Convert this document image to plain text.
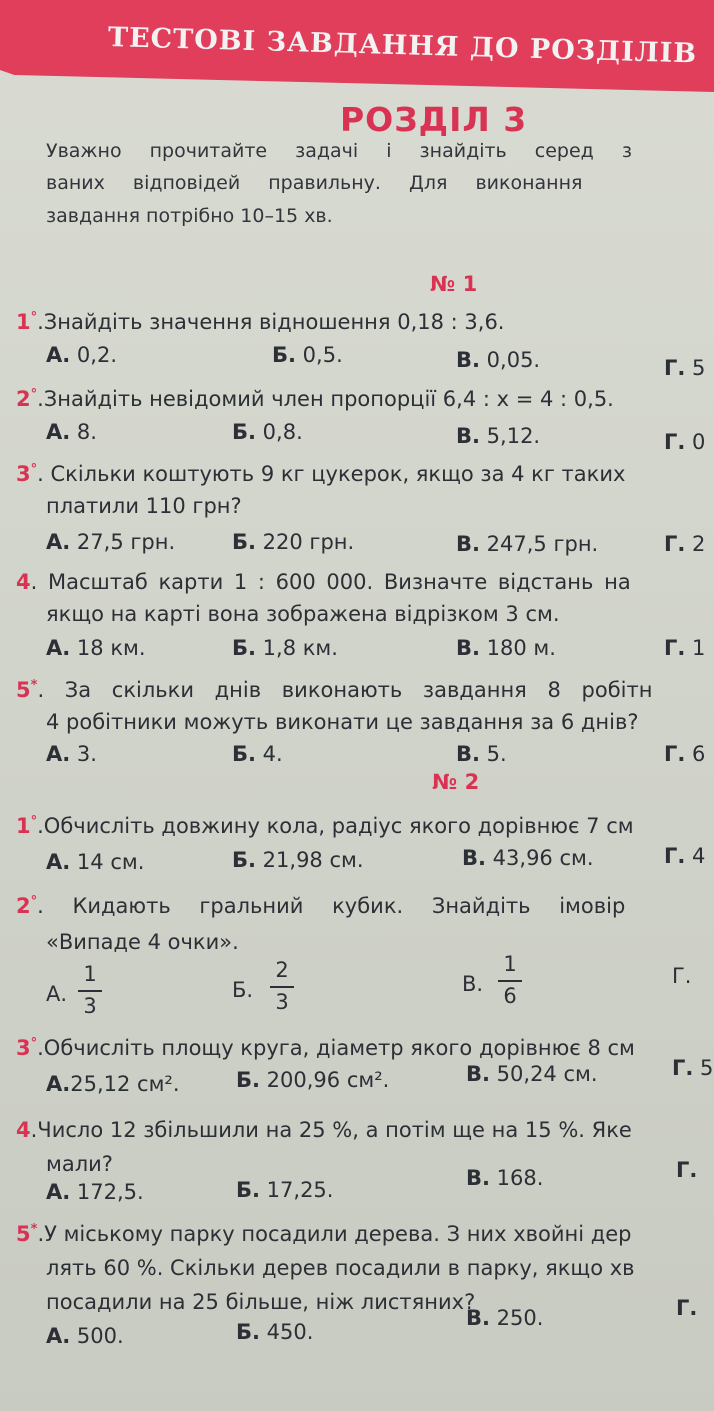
ТЕСТОВІ ЗАВДАННЯ ДО РОЗДІЛІВ
РОЗДІЛ 3
Уважно прочитайте задачі і знайдіть серед з
ваних відповідей правильну. Для виконання
завдання потрібно 10–15 хв.
№ 1
1°.Знайдіть значення відношення 0,18 : 3,6.
А. 0,2.	Б. 0,5.	В. 0,05.	Г. 5
2°.Знайдіть невідомий член пропорції 6,4 : x = 4 : 0,5.
А. 8.	Б. 0,8.	В. 5,12.	Г. 0
3°. Скільки коштують 9 кг цукерок, якщо за 4 кг таких
платили 110 грн?
А. 27,5 грн.	Б. 220 грн.	В. 247,5 грн.	Г. 2
4. Масштаб карти 1 : 600 000. Визначте відстань на
якщо на карті вона зображена відрізком 3 см.
А. 18 км.	Б. 1,8 км.	В. 180 м.	Г. 1
5*. За скільки днів виконають завдання 8 робітн
4 робітники можуть виконати це завдання за 6 днів?
А. 3.	Б. 4.	В. 5.	Г. 6
№ 2
1°.Обчисліть довжину кола, радіус якого дорівнює 7 см
А. 14 см.	Б. 21,98 см.	В. 43,96 см.	Г. 4
2°. Кидають гральний кубик. Знайдіть імовір
«Випаде 4 очки».
А.
1
3
Б.
2
3
В.
1
6
Г.
3°.Обчисліть площу круга, діаметр якого дорівнює 8 см
А.25,12 см².	Б. 200,96 см².	В. 50,24 см.	Г. 5
4.Число 12 збільшили на 25 %, а потім ще на 15 %. Яке
мали?
А. 172,5.	Б. 17,25.	В. 168.	Г.
5*.У міському парку посадили дерева. З них хвойні дер
лять 60 %. Скільки дерев посадили в парку, якщо хв
посадили на 25 більше, ніж листяних?
А. 500.	Б. 450.
В. 250.	Г.
